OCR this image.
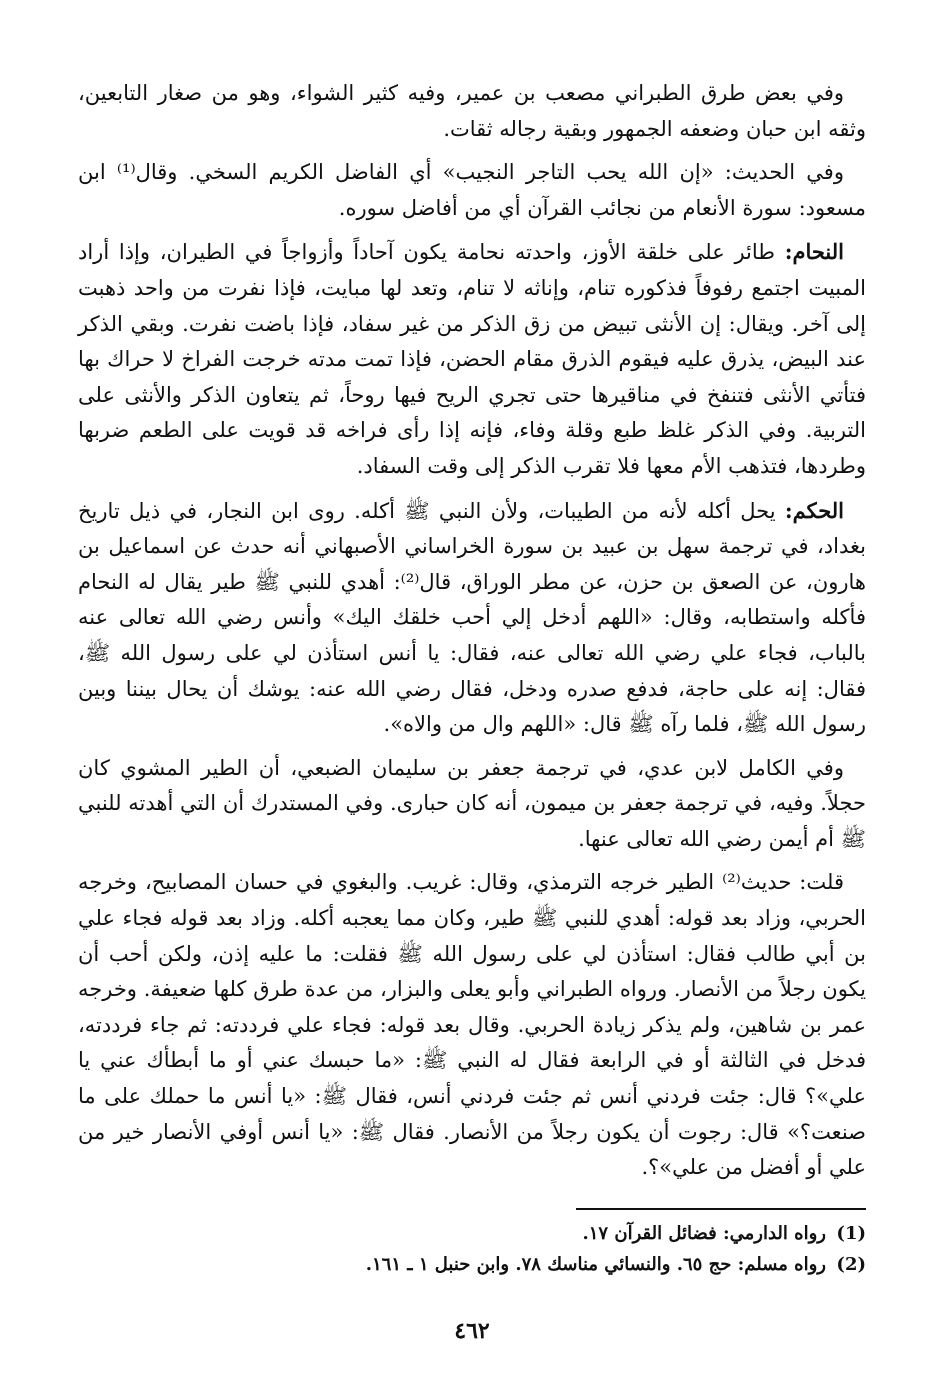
وفي بعض طرق الطبراني مصعب بن عمير، وفيه كثير الشواء، وهو من صغار التابعين، وثقه ابن حبان وضعفه الجمهور وبقية رجاله ثقات.

وفي الحديث: «إن الله يحب التاجر النجيب» أي الفاضل الكريم السخي. وقال⁽¹⁾ ابن مسعود: سورة الأنعام من نجائب القرآن أي من أفاضل سوره.

النحام: طائر على خلقة الأوز، واحدته نحامة يكون آحاداً وأزواجاً في الطيران، وإذا أراد المبيت اجتمع رفوفاً فذكوره تنام، وإناثه لا تنام، وتعد لها مبايت، فإذا نفرت من واحد ذهبت إلى آخر. ويقال: إن الأنثى تبيض من زق الذكر من غير سفاد، فإذا باضت نفرت. وبقي الذكر عند البيض، يذرق عليه فيقوم الذرق مقام الحضن، فإذا تمت مدته خرجت الفراخ لا حراك بها فتأتي الأنثى فتنفخ في مناقيرها حتى تجري الريح فيها روحاً، ثم يتعاون الذكر والأنثى على التربية. وفي الذكر غلظ طبع وقلة وفاء، فإنه إذا رأى فراخه قد قويت على الطعم ضربها وطردها، فتذهب الأم معها فلا تقرب الذكر إلى وقت السفاد.

الحكم: يحل أكله لأنه من الطيبات، ولأن النبي ﷺ أكله. روى ابن النجار، في ذيل تاريخ بغداد، في ترجمة سهل بن عبيد بن سورة الخراساني الأصبهاني أنه حدث عن اسماعيل بن هارون، عن الصعق بن حزن، عن مطر الوراق، قال⁽²⁾: أهدي للنبي ﷺ طير يقال له النحام فأكله واستطابه، وقال: «اللهم أدخل إلي أحب خلقك اليك» وأنس رضي الله تعالى عنه بالباب، فجاء علي رضي الله تعالى عنه، فقال: يا أنس استأذن لي على رسول الله ﷺ، فقال: إنه على حاجة، فدفع صدره ودخل، فقال رضي الله عنه: يوشك أن يحال بيننا وبين رسول الله ﷺ، فلما رآه ﷺ قال: «اللهم وال من والاه».

وفي الكامل لابن عدي، في ترجمة جعفر بن سليمان الضبعي، أن الطير المشوي كان حجلاً. وفيه، في ترجمة جعفر بن ميمون، أنه كان حبارى. وفي المستدرك أن التي أهدته للنبي ﷺ أم أيمن رضي الله تعالى عنها.

قلت: حديث⁽²⁾ الطير خرجه الترمذي، وقال: غريب. والبغوي في حسان المصابيح، وخرجه الحربي، وزاد بعد قوله: أهدي للنبي ﷺ طير، وكان مما يعجبه أكله. وزاد بعد قوله فجاء علي بن أبي طالب فقال: استأذن لي على رسول الله ﷺ فقلت: ما عليه إذن، ولكن أحب أن يكون رجلاً من الأنصار. ورواه الطبراني وأبو يعلى والبزار، من عدة طرق كلها ضعيفة. وخرجه عمر بن شاهين، ولم يذكر زيادة الحربي. وقال بعد قوله: فجاء علي فرددته: ثم جاء فرددته، فدخل في الثالثة أو في الرابعة فقال له النبي ﷺ: «ما حبسك عني أو ما أبطأك عني يا علي»؟ قال: جئت فردني أنس ثم جئت فردني أنس، فقال ﷺ: «يا أنس ما حملك على ما صنعت؟» قال: رجوت أن يكون رجلاً من الأنصار. فقال ﷺ: «يا أنس أوفي الأنصار خير من علي أو أفضل من علي»؟.

(1)رواه الدارمي: فضائل القرآن ١٧.

(2)رواه مسلم: حج ٦٥. والنسائي مناسك ٧٨. وابن حنبل ١ ـ ١٦١.

٤٦٢
